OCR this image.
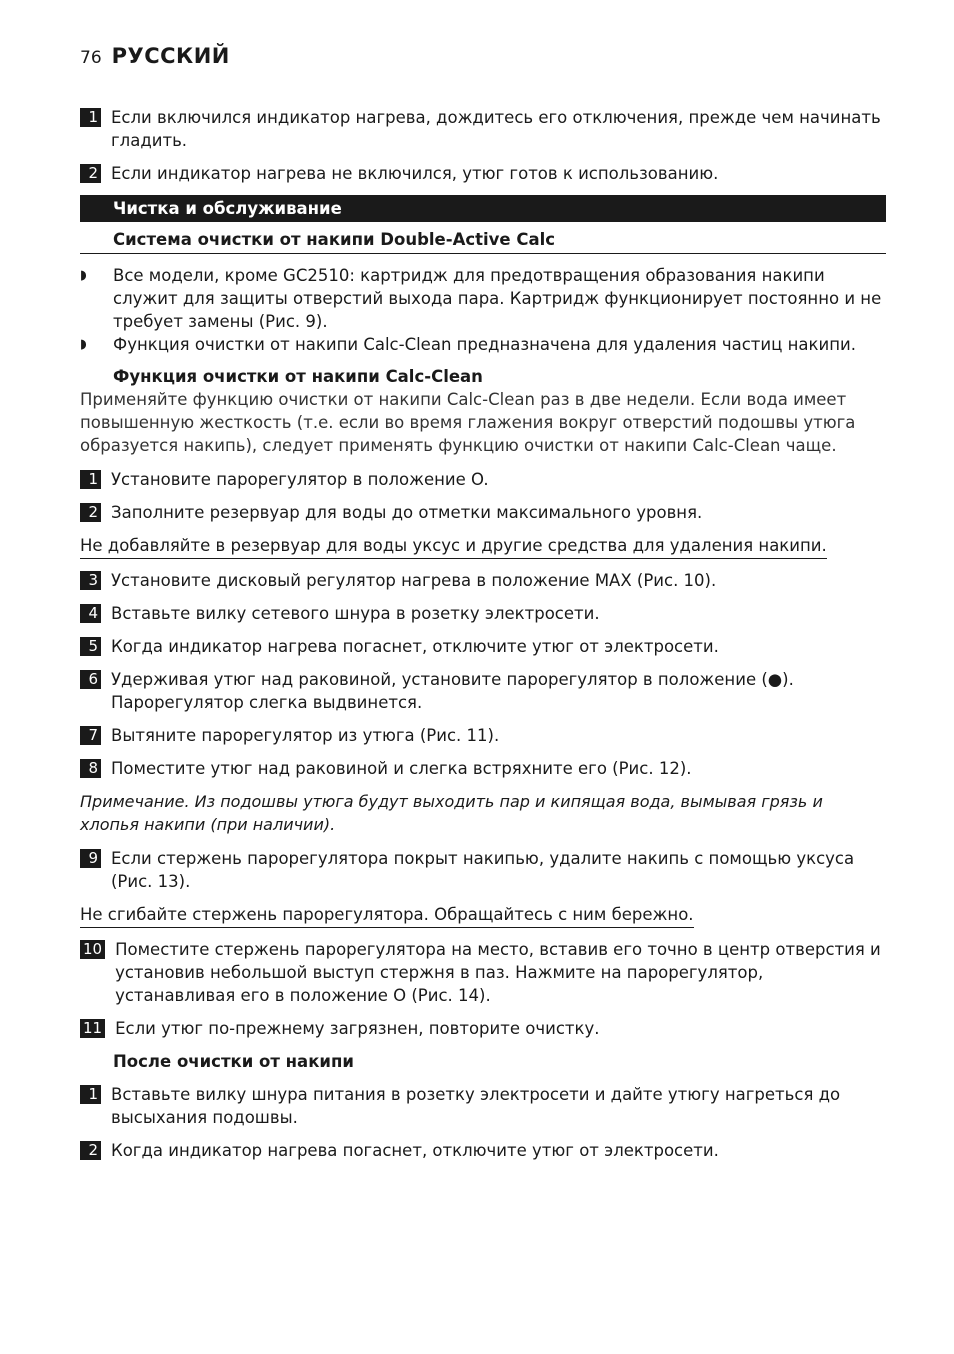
76 РУССКИЙ
1 Если включился индикатор нагрева, дождитесь его отключения, прежде чем начинать гладить.
2 Если индикатор нагрева не включился, утюг готов к использованию.
Чистка и обслуживание
Система очистки от накипи Double-Active Calc
◗	Все модели, кроме GC2510: картридж для предотвращения образования накипи служит для защиты отверстий выхода пара. Картридж функционирует постоянно и не требует замены (Рис. 9).
◗	Функция очистки от накипи Calc-Clean предназначена для удаления частиц накипи.
Функция очистки от накипи Calc-Clean
Применяйте функцию очистки от накипи Calc-Clean раз в две недели. Если вода имеет повышенную жесткость (т.е. если во время глажения вокруг отверстий подошвы утюга образуется накипь), следует применять функцию очистки от накипи Calc-Clean чаще.
1 Установите парорегулятор в положение O.
2 Заполните резервуар для воды до отметки максимального уровня.
Не добавляйте в резервуар для воды уксус и другие средства для удаления накипи.
3 Установите дисковый регулятор нагрева в положение MAX (Рис. 10).
4 Вставьте вилку сетевого шнура в розетку электросети.
5 Когда индикатор нагрева погаснет, отключите утюг от электросети.
6 Удерживая утюг над раковиной, установите парорегулятор в положение (●). Парорегулятор слегка выдвинется.
7 Вытяните парорегулятор из утюга (Рис. 11).
8 Поместите утюг над раковиной и слегка встряхните его (Рис. 12).
Примечание. Из подошвы утюга будут выходить пар и кипящая вода, вымывая грязь и хлопья накипи (при наличии).
9 Если стержень парорегулятора покрыт накипью, удалите накипь с помощью уксуса (Рис. 13).
Не сгибайте стержень парорегулятора. Обращайтесь с ним бережно.
10 Поместите стержень парорегулятора на место, вставив его точно в центр отверстия и установив небольшой выступ стержня в паз. Нажмите на парорегулятор, устанавливая его в положение O (Рис. 14).
11 Если утюг по-прежнему загрязнен, повторите очистку.
После очистки от накипи
1 Вставьте вилку шнура питания в розетку электросети и дайте утюгу нагреться до высыхания подошвы.
2 Когда индикатор нагрева погаснет, отключите утюг от электросети.
